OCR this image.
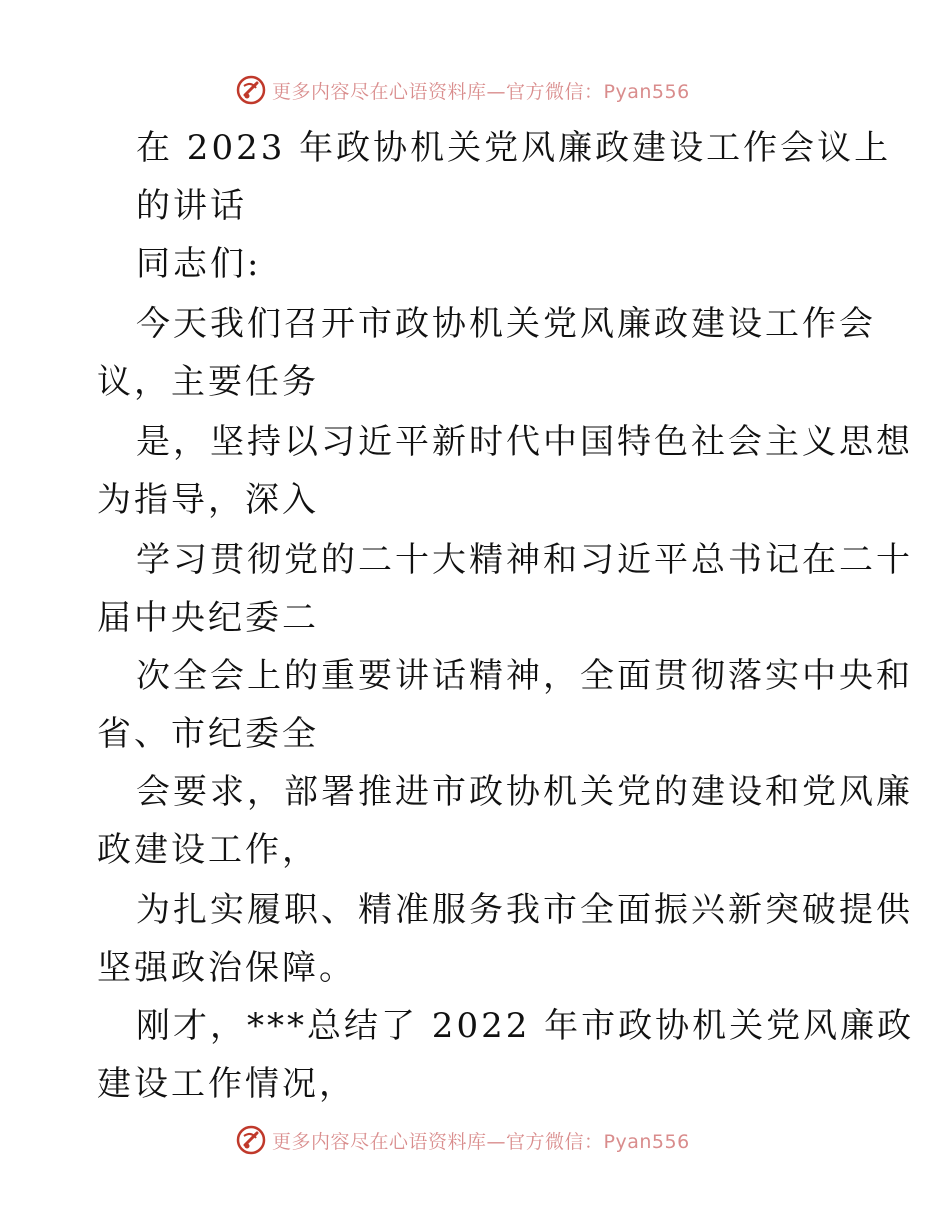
更多内容尽在心语资料库—官方微信：Pyan556
在 2023 年政协机关党风廉政建设工作会议上
的讲话
同志们:
今天我们召开市政协机关党风廉政建设工作会
议，主要任务
是，坚持以习近平新时代中国特色社会主义思想
为指导，深入
学习贯彻党的二十大精神和习近平总书记在二十
届中央纪委二
次全会上的重要讲话精神，全面贯彻落实中央和
省、市纪委全
会要求，部署推进市政协机关党的建设和党风廉
政建设工作，
为扎实履职、精准服务我市全面振兴新突破提供
坚强政治保障。
刚才，***总结了 2022 年市政协机关党风廉政
建设工作情况，
更多内容尽在心语资料库—官方微信：Pyan556
